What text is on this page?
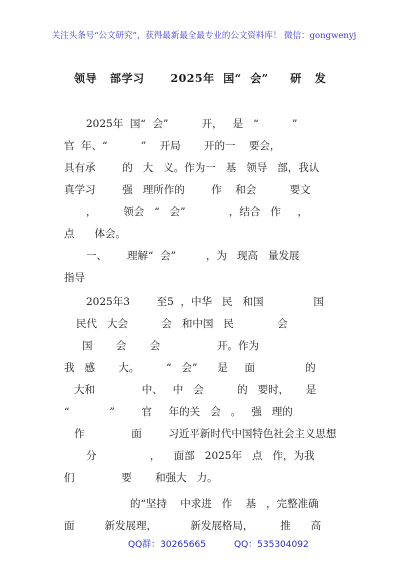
关注头条号“公文研究”，获得最新最全最专业的公文资料库！ 微信：gongwenyj
领导   部学习      2025年  国“  会”     研   发
2025年  国“  会”          开，   是   “          ”
官  年、“          ”    开局       开的一    要会，
具有承        的   大   义。作为一   基   领导   部，我认
真学习        强   理所作的        作    和会          要文
，        领会   “   会”             ，结合   作     ，
点      体会。
一、      理解“  会”         ，为   现高   量发展
指导
2025年3        至5  ，中华   民   和国               国
民代   大会          会   和中国   民             会
国       会       会                 开。作为
我   感       大。        “   会”      是     面               的
大和              中、   中   会          的   要时，     是
“            ”        官     年的关   会   。   强   理的
作              面        习近平新时代中国特色社会主义思想
分                ，    面部   2025年   点   作，为我
们              要       和强大   力。
的“坚持    中求进   作    基   ，完整准确
面         新发展理，          新发展格局，        推      高
QQ群：30265665	QQ：535304092
